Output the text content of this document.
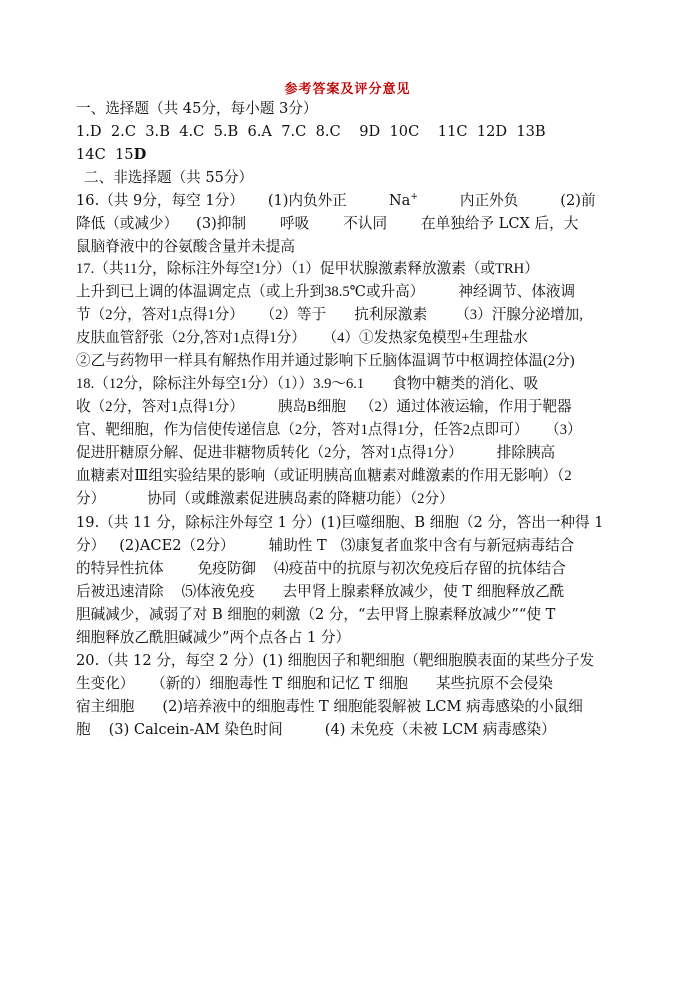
参考答案及评分意见
一、选择题（共 45分，每小题 3分）
1.D  2.C  3.B  4.C  5.B  6.A  7.C  8.C    9D  10C    11C  12D  13B
14C  15D
二、非选择题（共 55分）
16.（共 9分，每空 1分） (1)内负外正	Na+	内正外负	(2)前
降低（或减少） (3)抑制 呼吸 不认同 在单独给予 LCX 后，大
鼠脑脊液中的谷氨酸含量并未提高
17.（共11分，除标注外每空1分）（1）促甲状腺激素释放激素（或TRH）
上升到已上调的体温调定点（或上升到38.5℃或升高） 神经调节、体液调
节（2分，答对1点得1分） （2）等于 抗利尿激素 （3）汗腺分泌增加,
皮肤血管舒张（2分,答对1点得1分） （4）①发热家兔模型+生理盐水
②乙与药物甲一样具有解热作用并通过影响下丘脑体温调节中枢调控体温(2分)
18.（12分，除标注外每空1分）（1））3.9～6.1 食物中糖类的消化、吸
收（2分，答对1点得1分） 胰岛B细胞 （2）通过体液运输，作用于靶器
官、靶细胞，作为信使传递信息（2分，答对1点得1分，任答2点即可） （3）
促进肝糖原分解、促进非糖物质转化（2分，答对1点得1分） 排除胰高
血糖素对Ⅲ组实验结果的影响（或证明胰高血糖素对雌激素的作用无影响）（2
分）	协同（或雌激素促进胰岛素的降糖功能）（2分）
19.（共 11 分，除标注外每空 1 分）(1)巨噬细胞、B 细胞（2 分，答出一种得 1
分） (2)ACE2（2分） 辅助性 T ⑶康复者血浆中含有与新冠病毒结合
的特异性抗体 免疫防御 ⑷疫苗中的抗原与初次免疫后存留的抗体结合
后被迅速清除 ⑸体液免疫 去甲肾上腺素释放减少，使 T 细胞释放乙酰
胆碱减少，减弱了对 B 细胞的刺激（2 分，“去甲肾上腺素释放减少”“使 T
细胞释放乙酰胆碱减少”两个点各占 1 分）
20.（共 12 分，每空 2 分）(1) 细胞因子和靶细胞（靶细胞膜表面的某些分子发
生变化） （新的）细胞毒性 T 细胞和记忆 T 细胞 某些抗原不会侵染
宿主细胞 (2)培养液中的细胞毒性 T 细胞能裂解被 LCM 病毒感染的小鼠细
胞 (3) Calcein-AM 染色时间	(4) 未免疫（未被 LCM 病毒感染）
